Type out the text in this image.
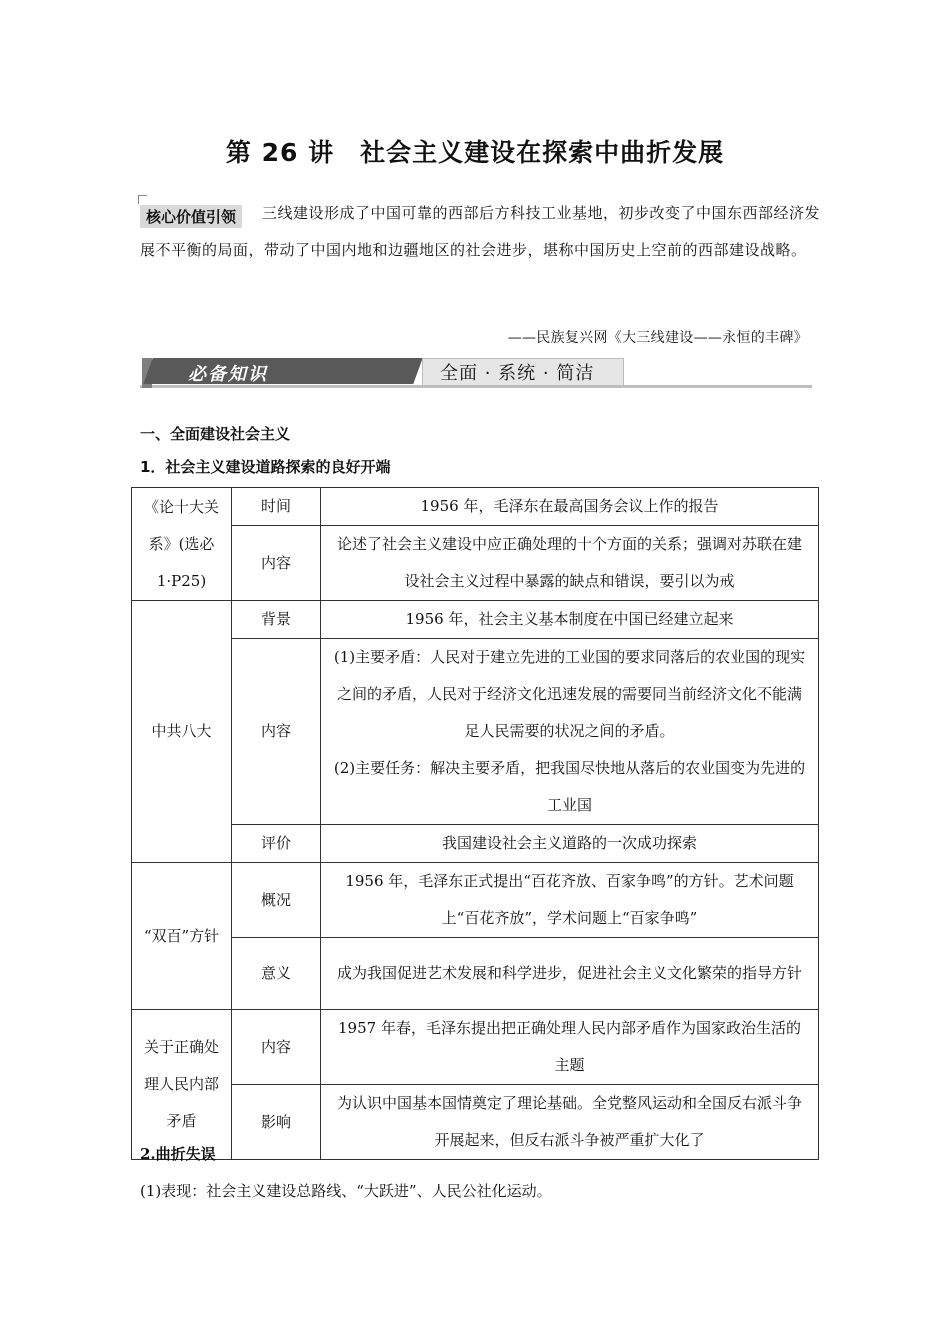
第 26 讲　社会主义建设在探索中曲折发展
核心价值引领	三线建设形成了中国可靠的西部后方科技工业基地，初步改变了中国东西部经济发展不平衡的局面，带动了中国内地和边疆地区的社会进步，堪称中国历史上空前的西部建设战略。
——民族复兴网《大三线建设——永恒的丰碑》
必备知识	全面 · 系统 · 简洁
一、全面建设社会主义
1．社会主义建设道路探索的良好开端
《论十大关系》(选必 1·P25)	时间	1956 年，毛泽东在最高国务会议上作的报告
	内容	论述了社会主义建设中应正确处理的十个方面的关系；强调对苏联在建设社会主义过程中暴露的缺点和错误，要引以为戒
中共八大	背景	1956 年，社会主义基本制度在中国已经建立起来
	内容	(1)主要矛盾：人民对于建立先进的工业国的要求同落后的农业国的现实之间的矛盾，人民对于经济文化迅速发展的需要同当前经济文化不能满足人民需要的状况之间的矛盾。
(2)主要任务：解决主要矛盾，把我国尽快地从落后的农业国变为先进的工业国

	评价	我国建设社会主义道路的一次成功探索
“双百”方针	概况	1956 年，毛泽东正式提出“百花齐放、百家争鸣”的方针。艺术问题上“百花齐放”，学术问题上“百家争鸣”
	意义	成为我国促进艺术发展和科学进步，促进社会主义文化繁荣的指导方针
关于正确处理人民内部矛盾	内容	1957 年春，毛泽东提出把正确处理人民内部矛盾作为国家政治生活的主题
	影响	为认识中国基本国情奠定了理论基础。全党整风运动和全国反右派斗争开展起来，但反右派斗争被严重扩大化了
2.曲折失误
(1)表现：社会主义建设总路线、“大跃进”、人民公社化运动。
